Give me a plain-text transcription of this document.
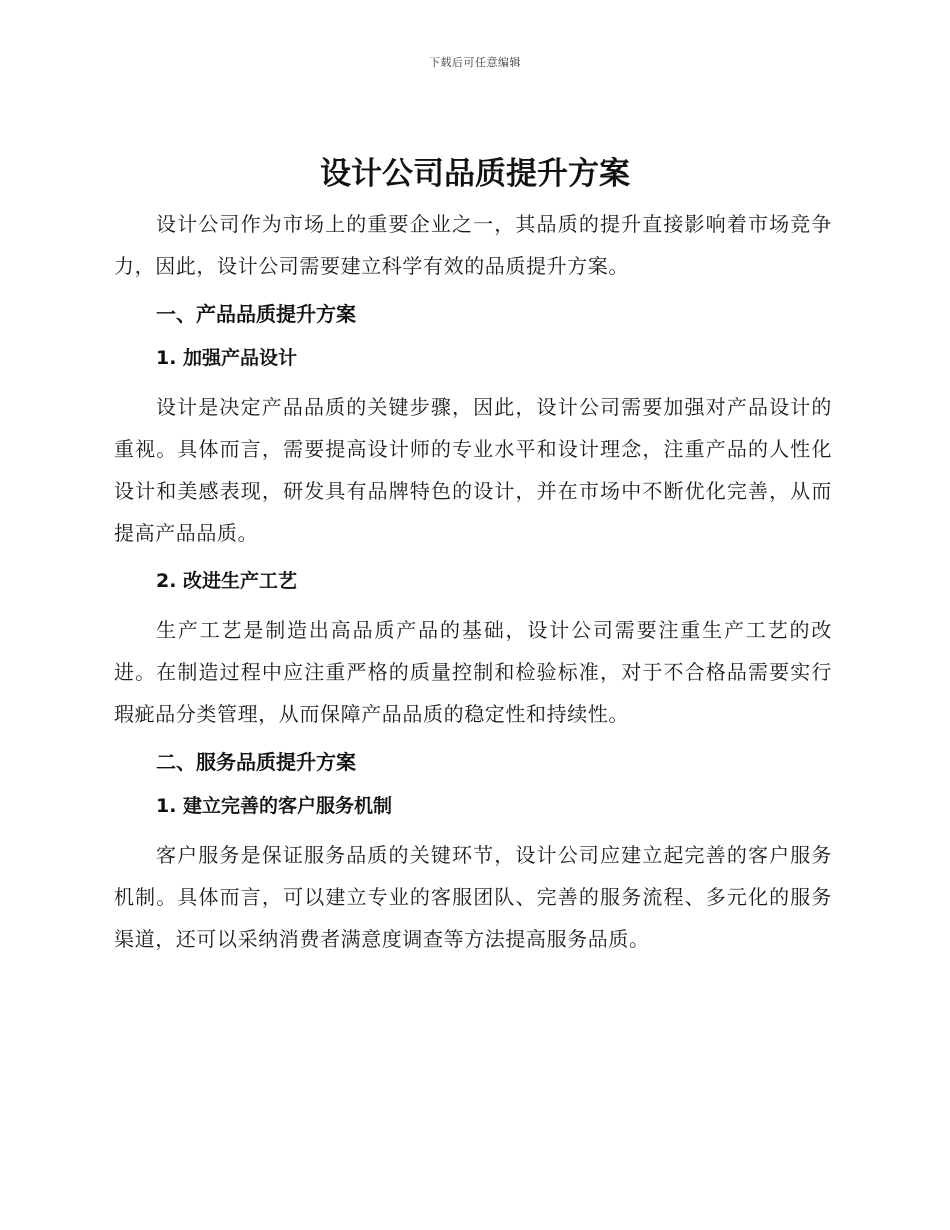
下载后可任意编辑
设计公司品质提升方案

设计公司作为市场上的重要企业之一，其品质的提升直接影响着市场竞争力，因此，设计公司需要建立科学有效的品质提升方案。

一、产品品质提升方案
1. 加强产品设计

设计是决定产品品质的关键步骤，因此，设计公司需要加强对产品设计的重视。具体而言，需要提高设计师的专业水平和设计理念，注重产品的人性化设计和美感表现，研发具有品牌特色的设计，并在市场中不断优化完善，从而提高产品品质。

2. 改进生产工艺

生产工艺是制造出高品质产品的基础，设计公司需要注重生产工艺的改进。在制造过程中应注重严格的质量控制和检验标准，对于不合格品需要实行瑕疵品分类管理，从而保障产品品质的稳定性和持续性。

二、服务品质提升方案
1. 建立完善的客户服务机制

客户服务是保证服务品质的关键环节，设计公司应建立起完善的客户服务机制。具体而言，可以建立专业的客服团队、完善的服务流程、多元化的服务渠道，还可以采纳消费者满意度调查等方法提高服务品质。
